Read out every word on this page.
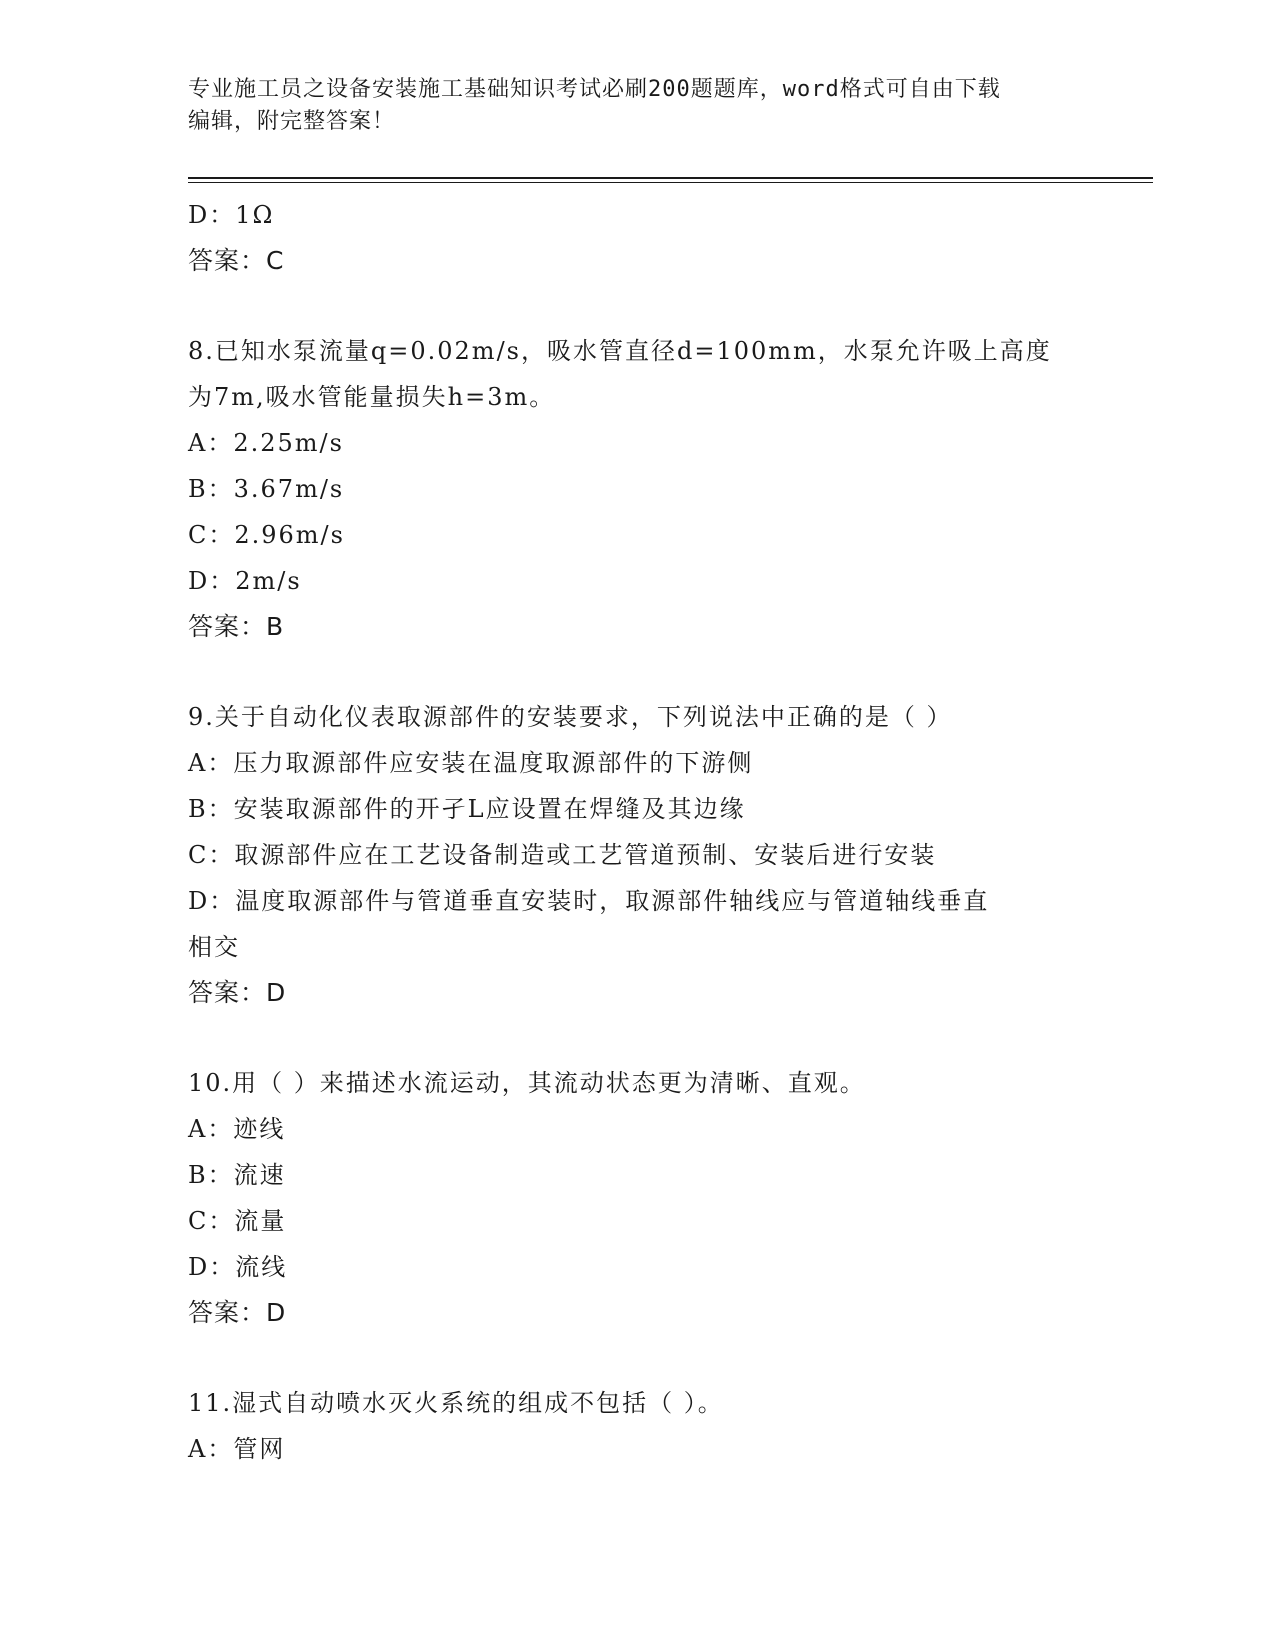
专业施工员之设备安装施工基础知识考试必刷200题题库，word格式可自由下载
编辑，附完整答案！
D：1Ω
答案：C
8.已知水泵流量q=0.02m/s，吸水管直径d=100mm，水泵允许吸上高度
为7m,吸水管能量损失h=3m。
A：2.25m/s
B：3.67m/s
C：2.96m/s
D：2m/s
答案：B
9.关于自动化仪表取源部件的安装要求，下列说法中正确的是（ ）
A：压力取源部件应安装在温度取源部件的下游侧
B：安装取源部件的开孑L应设置在焊缝及其边缘
C：取源部件应在工艺设备制造或工艺管道预制、安装后进行安装
D：温度取源部件与管道垂直安装时，取源部件轴线应与管道轴线垂直
相交
答案：D
10.用（ ）来描述水流运动，其流动状态更为清晰、直观。
A：迹线
B：流速
C：流量
D：流线
答案：D
11.湿式自动喷水灭火系统的组成不包括（ ）。
A：管网
